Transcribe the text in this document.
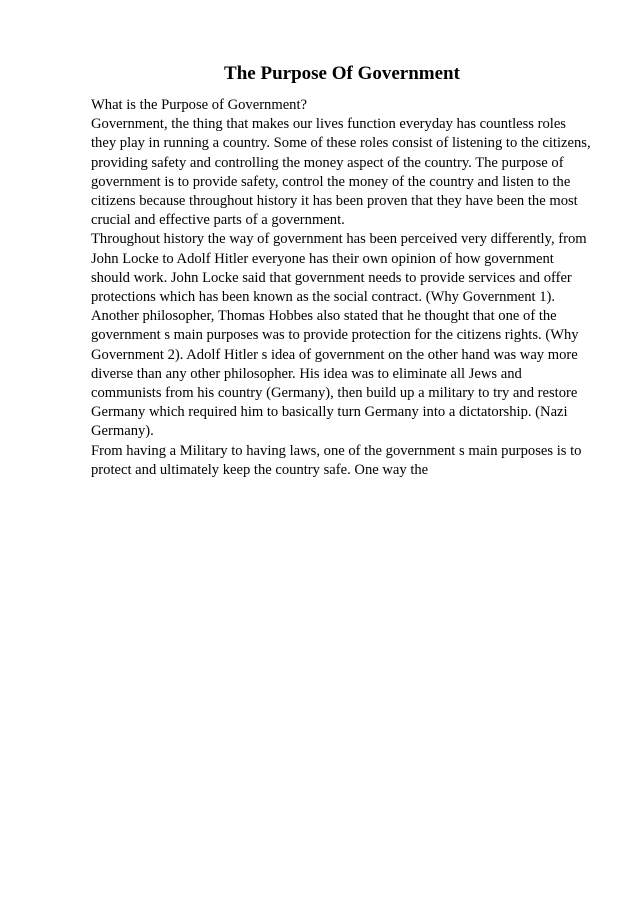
The Purpose Of Government
What is the Purpose of Government?
Government, the thing that makes our lives function everyday has countless roles
they play in running a country. Some of these roles consist of listening to the citizens,
providing safety and controlling the money aspect of the country. The purpose of
government is to provide safety, control the money of the country and listen to the
citizens because throughout history it has been proven that they have been the most
crucial and effective parts of a government.
Throughout history the way of government has been perceived very differently, from
John Locke to Adolf Hitler everyone has their own opinion of how government
should work. John Locke said that government needs to provide services and offer
protections which has been known as the social contract. (Why Government 1).
Another philosopher, Thomas Hobbes also stated that he thought that one of the
government s main purposes was to provide protection for the citizens rights. (Why
Government 2). Adolf Hitler s idea of government on the other hand was way more
diverse than any other philosopher. His idea was to eliminate all Jews and
communists from his country (Germany), then build up a military to try and restore
Germany which required him to basically turn Germany into a dictatorship. (Nazi
Germany).
From having a Military to having laws, one of the government s main purposes is to
protect and ultimately keep the country safe. One way the
